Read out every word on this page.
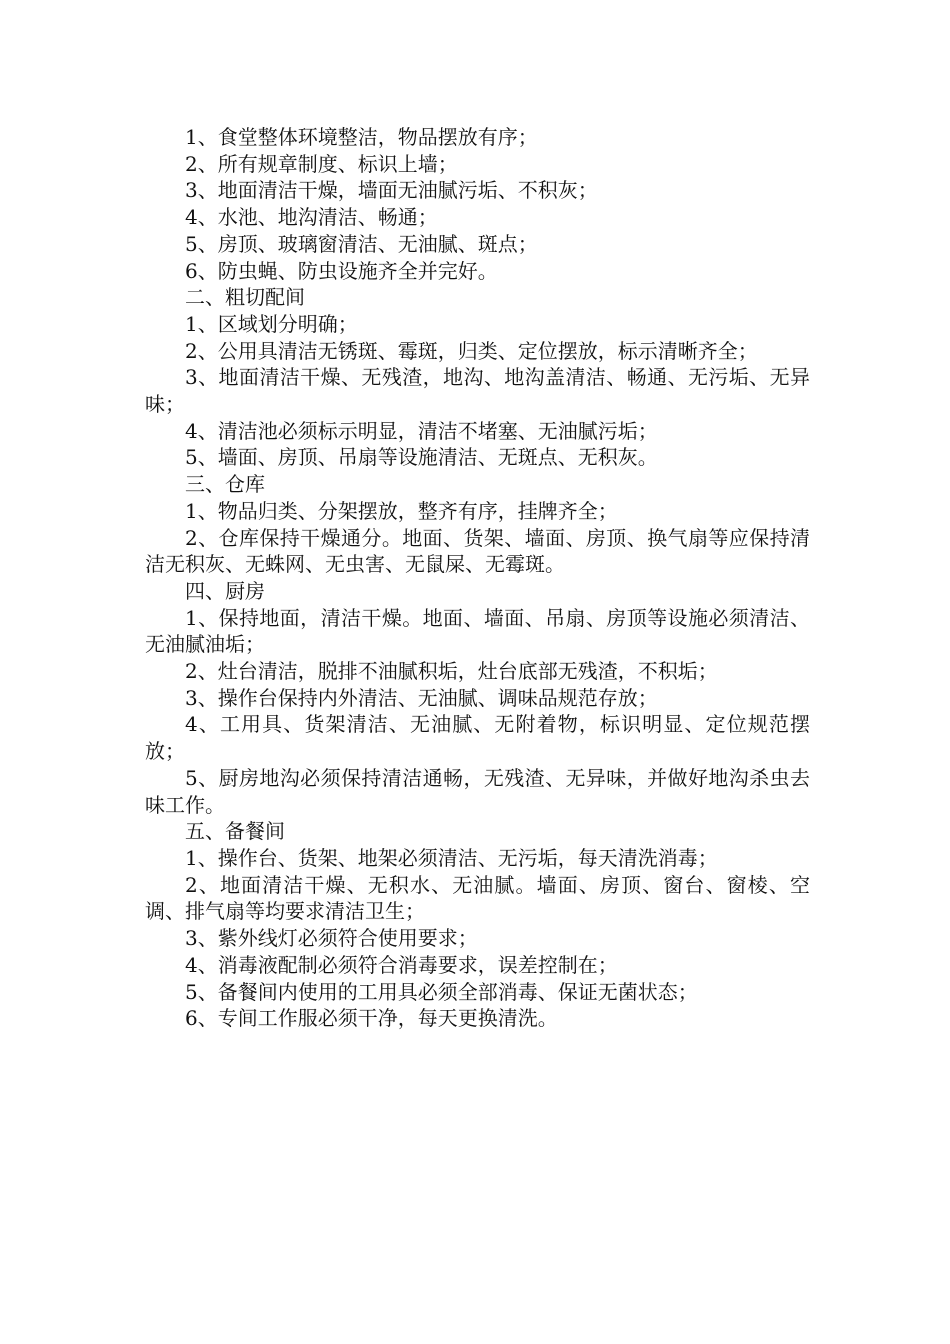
1、食堂整体环境整洁，物品摆放有序；

2、所有规章制度、标识上墙；

3、地面清洁干燥，墙面无油腻污垢、不积灰；

4、水池、地沟清洁、畅通；

5、房顶、玻璃窗清洁、无油腻、斑点；

6、防虫蝇、防虫设施齐全并完好。

二、粗切配间

1、区域划分明确；

2、公用具清洁无锈斑、霉斑，归类、定位摆放，标示清晰齐全；

3、地面清洁干燥、无残渣，地沟、地沟盖清洁、畅通、无污垢、无异味；

4、清洁池必须标示明显，清洁不堵塞、无油腻污垢；

5、墙面、房顶、吊扇等设施清洁、无斑点、无积灰。

三、仓库

1、物品归类、分架摆放，整齐有序，挂牌齐全；

2、仓库保持干燥通分。地面、货架、墙面、房顶、换气扇等应保持清洁无积灰、无蛛网、无虫害、无鼠屎、无霉斑。

四、厨房

1、保持地面，清洁干燥。地面、墙面、吊扇、房顶等设施必须清洁、无油腻油垢；

2、灶台清洁，脱排不油腻积垢，灶台底部无残渣，不积垢；

3、操作台保持内外清洁、无油腻、调味品规范存放；

4、工用具、货架清洁、无油腻、无附着物，标识明显、定位规范摆放；

5、厨房地沟必须保持清洁通畅，无残渣、无异味，并做好地沟杀虫去味工作。

五、备餐间

1、操作台、货架、地架必须清洁、无污垢，每天清洗消毒；

2、地面清洁干燥、无积水、无油腻。墙面、房顶、窗台、窗棱、空调、排气扇等均要求清洁卫生；

3、紫外线灯必须符合使用要求；

4、消毒液配制必须符合消毒要求，误差控制在；

5、备餐间内使用的工用具必须全部消毒、保证无菌状态；

6、专间工作服必须干净，每天更换清洗。
